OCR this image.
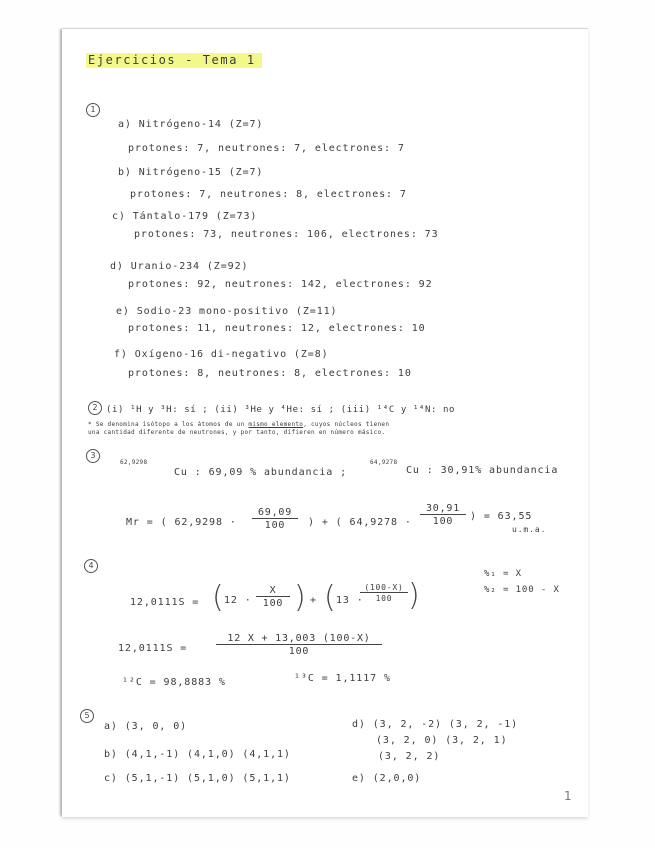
Ejercicios - Tema 1
1
a) Nitrógeno-14 (Z=7)
protones: 7, neutrones: 7, electrones: 7
b) Nitrógeno-15 (Z=7)
protones: 7, neutrones: 8, electrones: 7
c) Tántalo-179 (Z=73)
protones: 73, neutrones: 106, electrones: 73
d) Uranio-234 (Z=92)
protones: 92, neutrones: 142, electrones: 92
e) Sodio-23 mono-positivo (Z=11)
protones: 11, neutrones: 12, electrones: 10
f) Oxígeno-16 di-negativo (Z=8)
protones: 8, neutrones: 8, electrones: 10
2 (i) ¹H y ³H: sí ; (ii) ³He y ⁴He: sí ; (iii) ¹⁴C y ¹⁴N: no
* Se denomina isótopo a los átomos de un mismo elemento, cuyos núcleos tienen
una cantidad diferente de neutrones, y por tanto, difieren en número másico.
3
62,9298
Cu : 69,09 % abundancia ;
64,9278
Cu : 30,91% abundancia
Mr = ( $62,9298 \cdot \frac{69,09}{100}$ ) + ( $64,9278 \cdot \frac{30,91}{100}$ ) = 63,55
u.m.a.
4
%₁ = X
%₂ = 100 - X
12,0111S = ( $12 \cdot \frac{X}{100}$ ) + ( 13 ·
$\frac{(100-X)}{100}$ )
12,0111S =	$\frac{12 X + 13,003 (100-X)}{100}$
¹²C = 98,8883 %	¹³C = 1,1117 %
5
a) (3, 0, 0)
b) (4,1,-1) (4,1,0) (4,1,1)
c) (5,1,-1) (5,1,0) (5,1,1)
d) (3, 2, -2) (3, 2, -1)
(3, 2, 0) (3, 2, 1)
(3, 2, 2)
e) (2,0,0)
1
